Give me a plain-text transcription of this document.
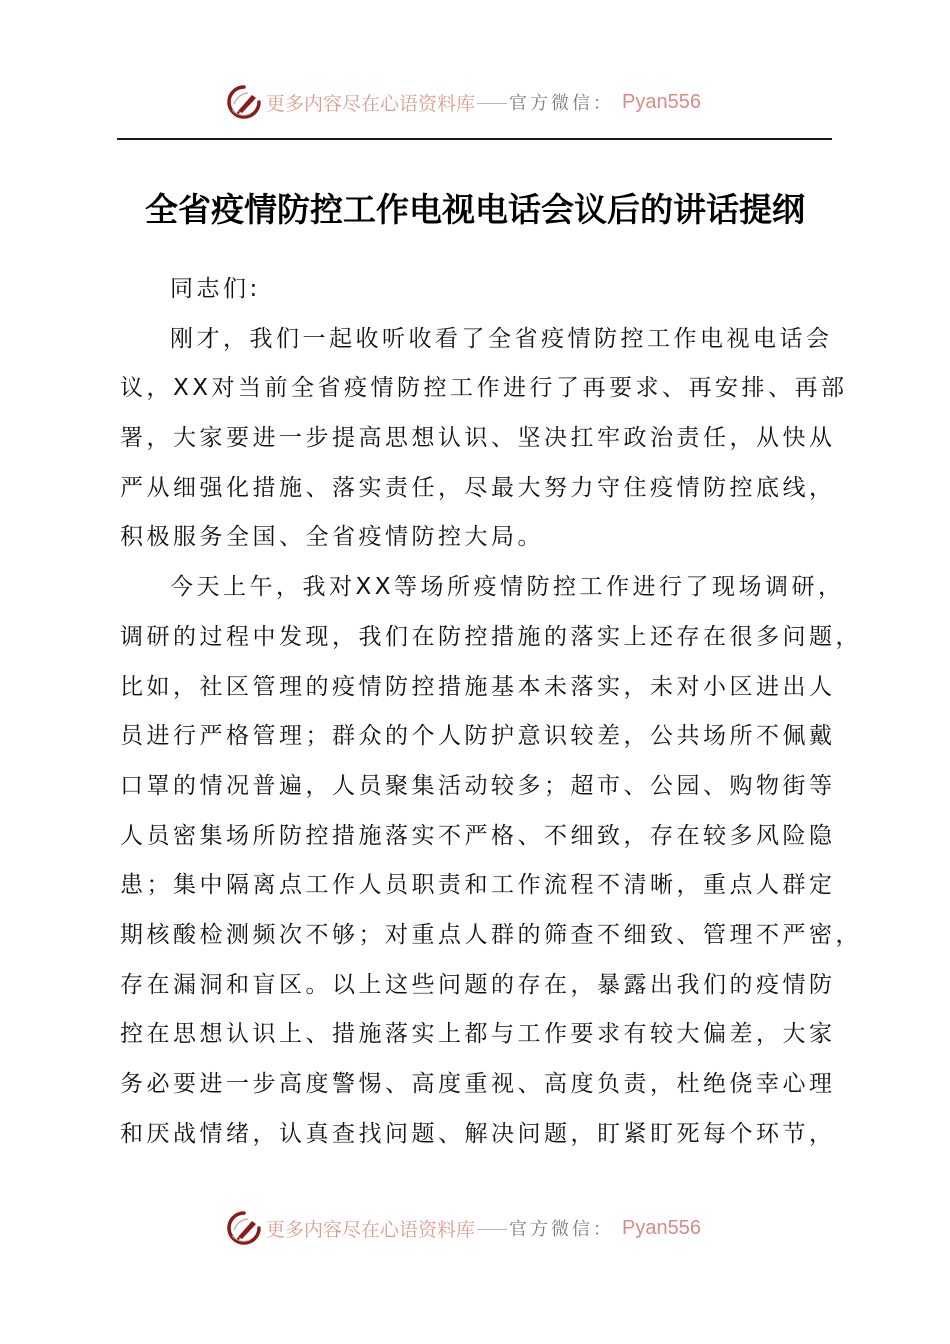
更多内容尽在心语资料库 官方微信： Pyan556
全省疫情防控工作电视电话会议后的讲话提纲
同志们:
刚才，我们一起收听收看了全省疫情防控工作电视电话会
议，XX对当前全省疫情防控工作进行了再要求、再安排、再部
署，大家要进一步提高思想认识、坚决扛牢政治责任，从快从
严从细强化措施、落实责任，尽最大努力守住疫情防控底线，
积极服务全国、全省疫情防控大局。
今天上午，我对XX等场所疫情防控工作进行了现场调研，
调研的过程中发现，我们在防控措施的落实上还存在很多问题，
比如，社区管理的疫情防控措施基本未落实，未对小区进出人
员进行严格管理；群众的个人防护意识较差，公共场所不佩戴
口罩的情况普遍，人员聚集活动较多；超市、公园、购物街等
人员密集场所防控措施落实不严格、不细致，存在较多风险隐
患；集中隔离点工作人员职责和工作流程不清晰，重点人群定
期核酸检测频次不够；对重点人群的筛查不细致、管理不严密，
存在漏洞和盲区。以上这些问题的存在，暴露出我们的疫情防
控在思想认识上、措施落实上都与工作要求有较大偏差，大家
务必要进一步高度警惕、高度重视、高度负责，杜绝侥幸心理
和厌战情绪，认真查找问题、解决问题，盯紧盯死每个环节，
更多内容尽在心语资料库 官方微信： Pyan556
